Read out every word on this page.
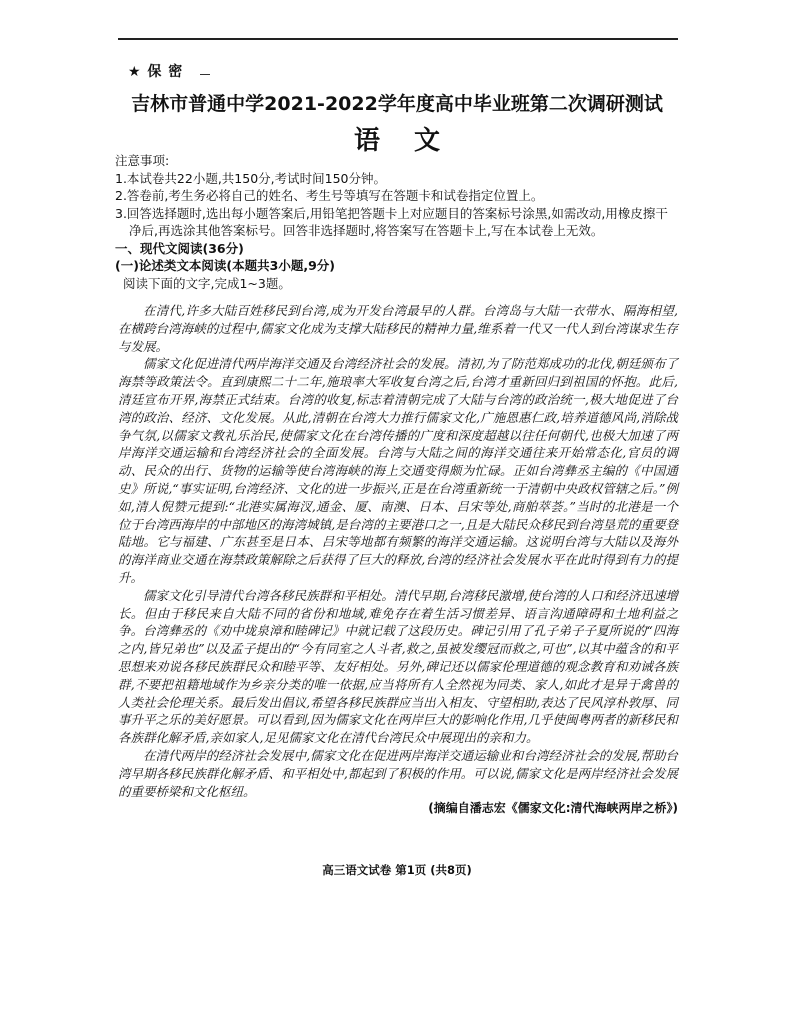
★ 保 密
吉林市普通中学2021-2022学年度高中毕业班第二次调研测试
语文
注意事项:
1.本试卷共22小题,共150分,考试时间150分钟。
2.答卷前,考生务必将自己的姓名、考生号等填写在答题卡和试卷指定位置上。
3.回答选择题时,选出每小题答案后,用铅笔把答题卡上对应题目的答案标号涂黑,如需改动,用橡皮擦干净后,再选涂其他答案标号。回答非选择题时,将答案写在答题卡上,写在本试卷上无效。
一、现代文阅读(36分)
(一)论述类文本阅读(本题共3小题,9分)
阅读下面的文字,完成1~3题。

在清代,许多大陆百姓移民到台湾,成为开发台湾最早的人群。台湾岛与大陆一衣带水、隔海相望,在横跨台湾海峡的过程中,儒家文化成为支撑大陆移民的精神力量,维系着一代又一代人到台湾谋求生存与发展。

儒家文化促进清代两岸海洋交通及台湾经济社会的发展。清初,为了防范郑成功的北伐,朝廷颁布了海禁等政策法令。直到康熙二十二年,施琅率大军收复台湾之后,台湾才重新回归到祖国的怀抱。此后,清廷宣布开界,海禁正式结束。台湾的收复,标志着清朝完成了大陆与台湾的政治统一,极大地促进了台湾的政治、经济、文化发展。从此,清朝在台湾大力推行儒家文化,广施恩惠仁政,培养道德风尚,消除战争气氛,以儒家文教礼乐治民,使儒家文化在台湾传播的广度和深度超越以往任何朝代,也极大加速了两岸海洋交通运输和台湾经济社会的全面发展。台湾与大陆之间的海洋交通往来开始常态化,官员的调动、民众的出行、货物的运输等使台湾海峡的海上交通变得颇为忙碌。正如台湾彝丞主编的《中国通史》所说,“事实证明,台湾经济、文化的进一步振兴,正是在台湾重新统一于清朝中央政权管辖之后。”例如,清人倪赞元提到:“北港实属海汊,通金、厦、南澳、日本、吕宋等处,商舶萃荟。”当时的北港是一个位于台湾西海岸的中部地区的海湾城镇,是台湾的主要港口之一,且是大陆民众移民到台湾垦荒的重要登陆地。它与福建、广东甚至是日本、吕宋等地都有频繁的海洋交通运输。这说明台湾与大陆以及海外的海洋商业交通在海禁政策解除之后获得了巨大的释放,台湾的经济社会发展水平在此时得到有力的提升。

儒家文化引导清代台湾各移民族群和平相处。清代早期,台湾移民激增,使台湾的人口和经济迅速增长。但由于移民来自大陆不同的省份和地域,难免存在着生活习惯差异、语言沟通障碍和土地利益之争。台湾彝丞的《劝中垅泉漳和睦碑记》中就记载了这段历史。碑记引用了孔子弟子子夏所说的“四海之内,皆兄弟也”以及孟子提出的“今有同室之人斗者,救之,虽被发缨冠而救之,可也”,以其中蕴含的和平思想来劝说各移民族群民众和睦平等、友好相处。另外,碑记还以儒家伦理道德的观念教育和劝诫各族群,不要把祖籍地域作为乡亲分类的唯一依据,应当将所有人全然视为同类、家人,如此才是异于禽兽的人类社会伦理关系。最后发出倡议,希望各移民族群应当出入相友、守望相助,表达了民风淳朴敦厚、同事升平之乐的美好愿景。可以看到,因为儒家文化在两岸巨大的影响化作用,几乎使闽粤两者的新移民和各族群化解矛盾,亲如家人,足见儒家文化在清代台湾民众中展现出的亲和力。

在清代两岸的经济社会发展中,儒家文化在促进两岸海洋交通运输业和台湾经济社会的发展,帮助台湾早期各移民族群化解矛盾、和平相处中,都起到了积极的作用。可以说,儒家文化是两岸经济社会发展的重要桥梁和文化枢纽。

(摘编自潘志宏《儒家文化:清代海峡两岸之桥》)
高三语文试卷 第1页 (共8页)
